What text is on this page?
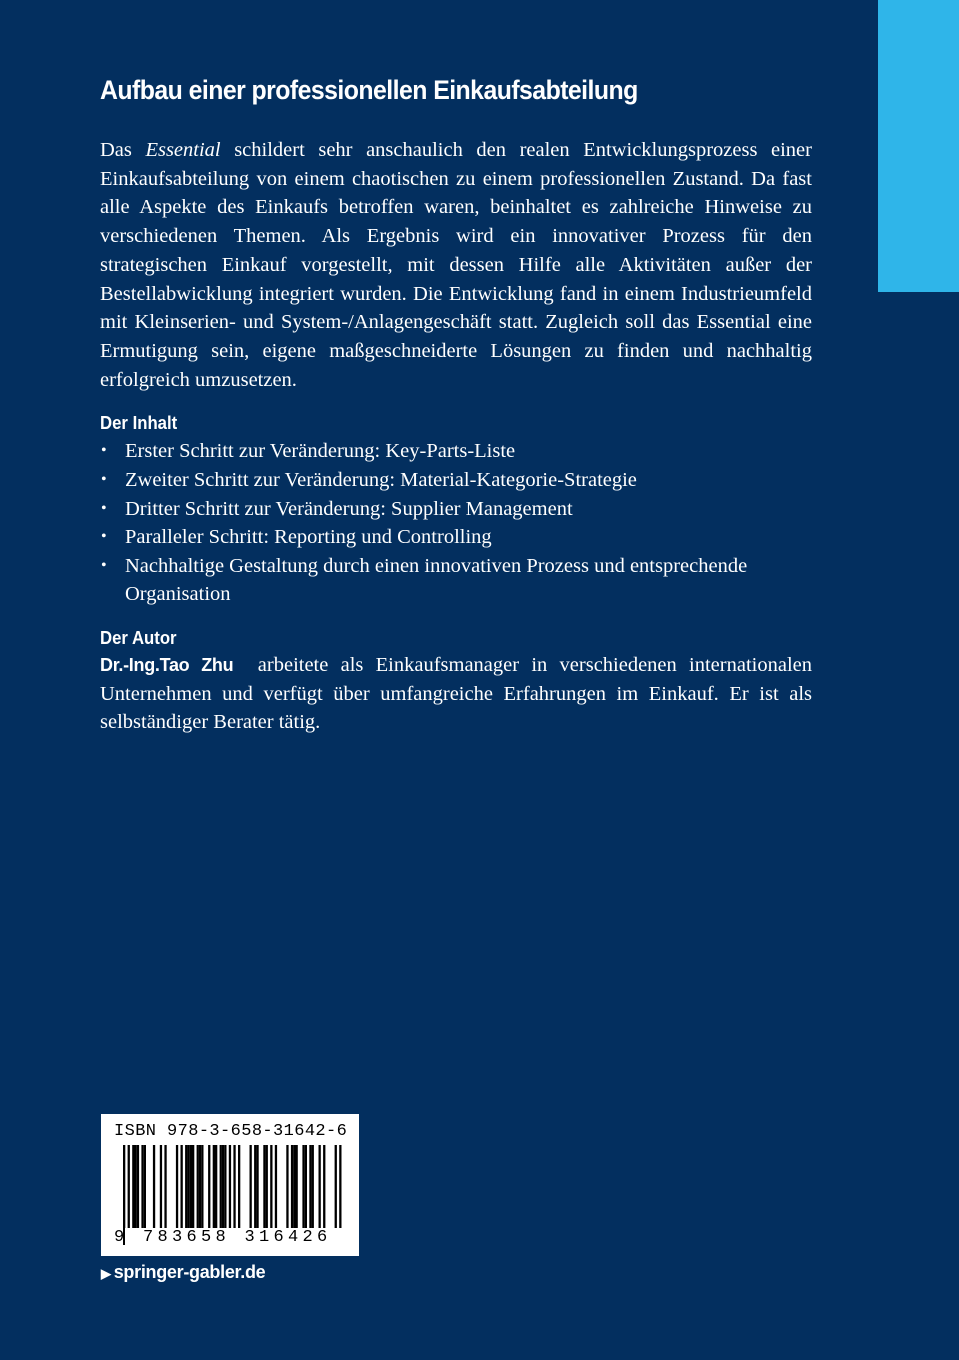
Aufbau einer professionellen Einkaufsabteilung

Das Essential schildert sehr anschaulich den realen Entwicklungsprozess einer Einkaufsabteilung von einem chaotischen zu einem professionellen Zustand. Da fast alle Aspekte des Einkaufs betroffen waren, beinhaltet es zahlreiche Hinweise zu verschiedenen Themen. Als Ergebnis wird ein innovativer Prozess für den strategischen Einkauf vorgestellt, mit dessen Hilfe alle Aktivitäten außer der Bestellabwicklung integriert wurden. Die Entwicklung fand in einem Industrieumfeld mit Kleinserien- und System-/Anlagengeschäft statt. Zugleich soll das Essential eine Ermutigung sein, eigene maßgeschneiderte Lösungen zu finden und nachhaltig erfolgreich umzusetzen.

Der Inhalt
• Erster Schritt zur Veränderung: Key-Parts-Liste
• Zweiter Schritt zur Veränderung: Material-Kategorie-Strategie
• Dritter Schritt zur Veränderung: Supplier Management
• Paralleler Schritt: Reporting und Controlling
• Nachhaltige Gestaltung durch einen innovativen Prozess und entsprechende Organisation
Der Autor

Dr.-Ing.Tao Zhu arbeitete als Einkaufsmanager in verschiedenen internationalen Unternehmen und verfügt über umfangreiche Erfahrungen im Einkauf. Er ist als selbständiger Berater tätig.

ISBN 978-3-658-31642-6
9 783658 316426
▶ springer-gabler.de
